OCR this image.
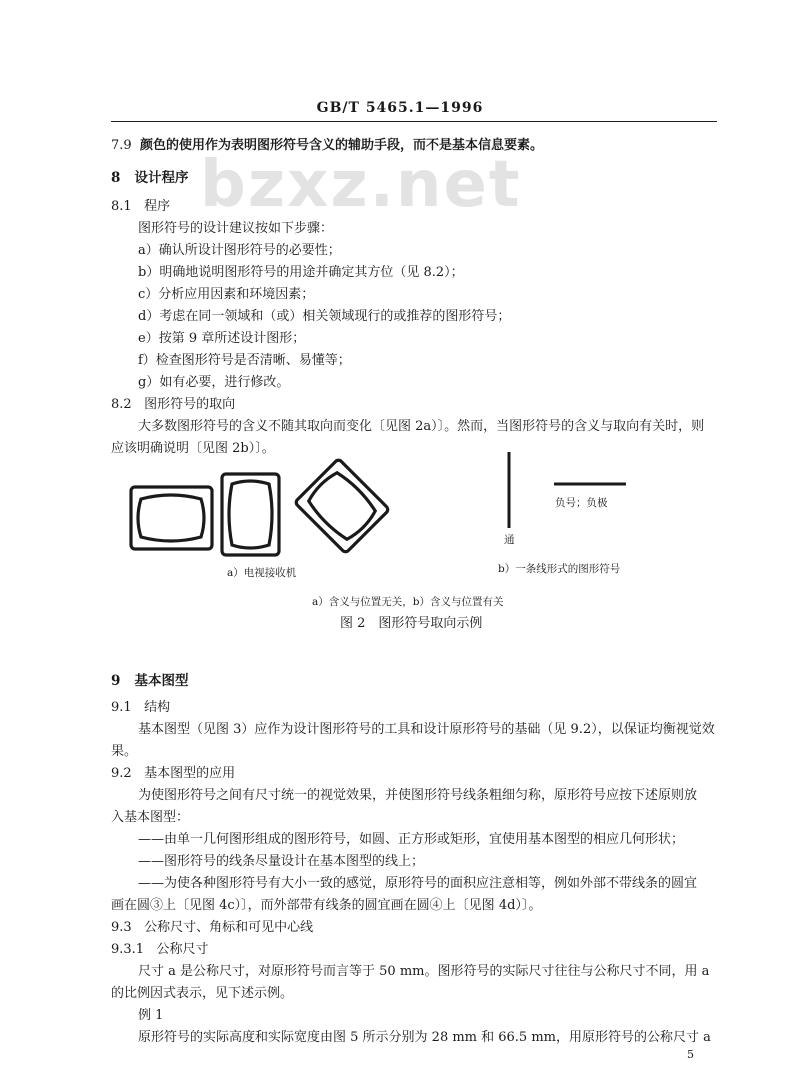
bzxz.net
GB/T 5465.1—1996
7.9 颜色的使用作为表明图形符号含义的辅助手段，而不是基本信息要素。
8 设计程序
8.1 程序
图形符号的设计建议按如下步骤：
a）确认所设计图形符号的必要性；
b）明确地说明图形符号的用途并确定其方位（见 8.2）；
c）分析应用因素和环境因素；
d）考虑在同一领域和（或）相关领域现行的或推荐的图形符号；
e）按第 9 章所述设计图形；
f）检查图形符号是否清晰、易懂等；
g）如有必要，进行修改。
8.2 图形符号的取向
大多数图形符号的含义不随其取向而变化〔见图 2a）〕。然而，当图形符号的含义与取向有关时，则
应该明确说明〔见图 2b）〕。
通
负号；负极
a）电视接收机	b）一条线形式的图形符号
a）含义与位置无关，b）含义与位置有关
图 2　图形符号取向示例
9 基本图型
9.1 结构
基本图型（见图 3）应作为设计图形符号的工具和设计原形符号的基础（见 9.2），以保证均衡视觉效
果。
9.2 基本图型的应用
为使图形符号之间有尺寸统一的视觉效果，并使图形符号线条粗细匀称，原形符号应按下述原则放
入基本图型：
——由单一几何图形组成的图形符号，如圆、正方形或矩形，宜使用基本图型的相应几何形状；
——图形符号的线条尽量设计在基本图型的线上；
——为使各种图形符号有大小一致的感觉，原形符号的面积应注意相等，例如外部不带线条的圆宜
画在圆③上〔见图 4c）〕，而外部带有线条的圆宜画在圆④上〔见图 4d）〕。
9.3 公称尺寸、角标和可见中心线
9.3.1 公称尺寸
尺寸 a 是公称尺寸，对原形符号而言等于 50 mm。图形符号的实际尺寸往往与公称尺寸不同，用 a
的比例因式表示，见下述示例。
例 1
原形符号的实际高度和实际宽度由图 5 所示分别为 28 mm 和 66.5 mm，用原形符号的公称尺寸 a
5
